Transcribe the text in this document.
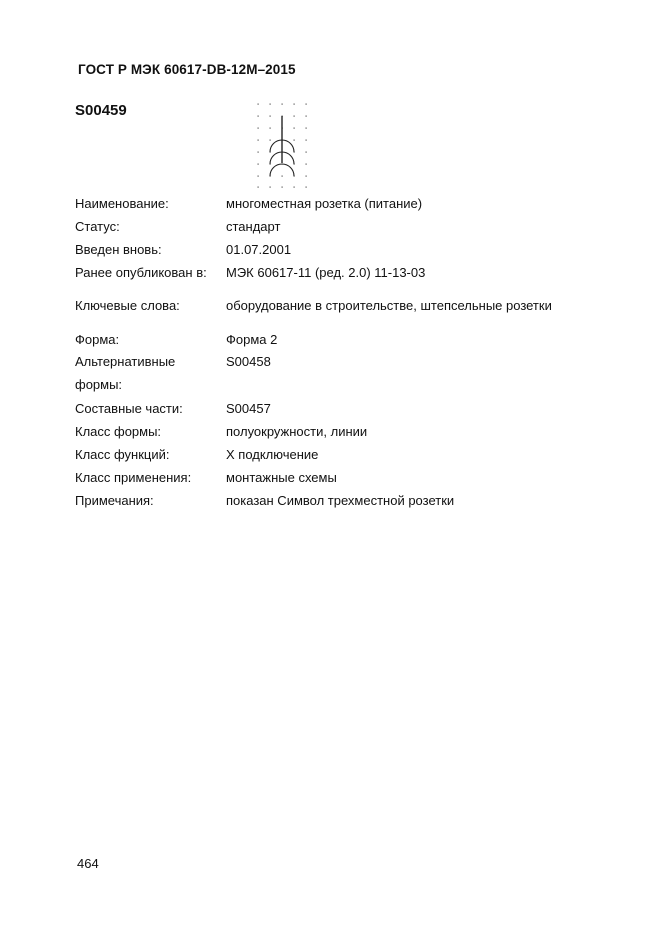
ГОСТ Р МЭК 60617-DB-12M–2015
S00459
Наименование:	многоместная розетка (питание)
Статус:	стандарт
Введен вновь:	01.07.2001
Ранее опубликован в:	МЭК 60617-11 (ред. 2.0) 11-13-03
Ключевые слова:	оборудование в строительстве, штепсельные розетки
Форма:	Форма 2
Альтернативные	S00458
формы:
Составные части:	S00457
Класс формы:	полуокружности, линии
Класс функций:	X подключение
Класс применения:	монтажные схемы
Примечания:	показан Символ трехместной розетки
464
